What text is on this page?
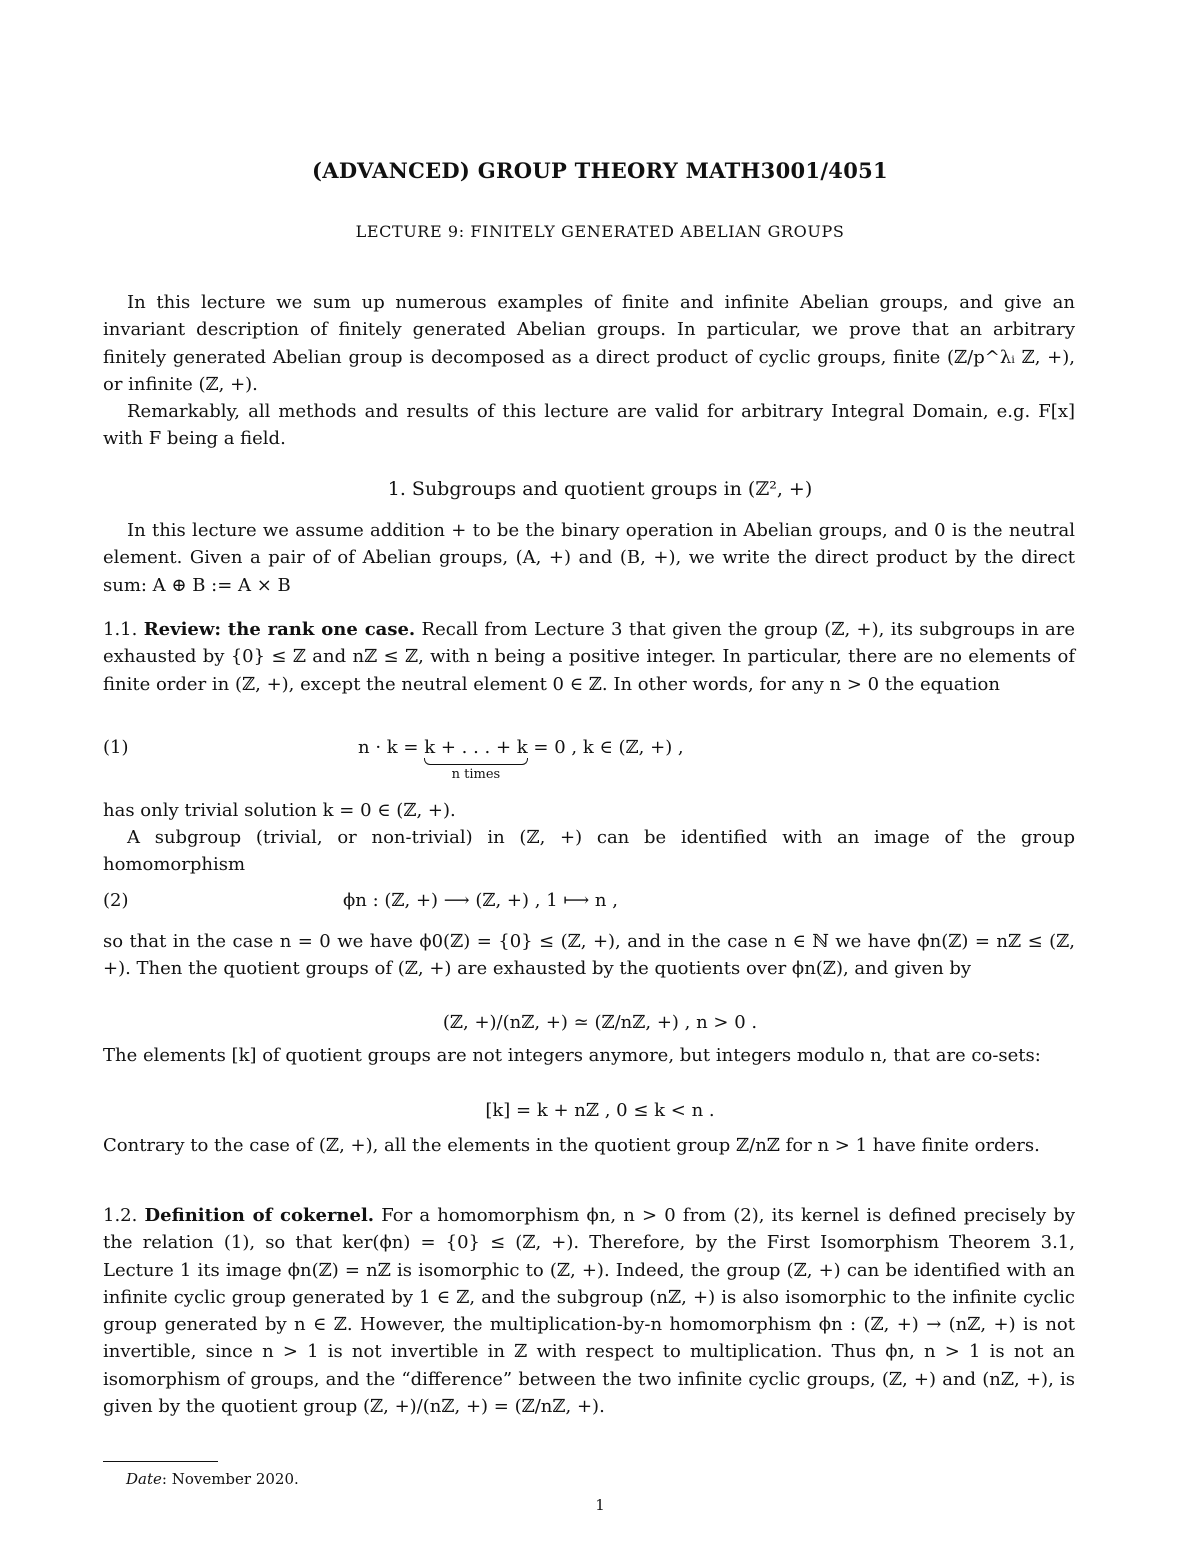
(ADVANCED) GROUP THEORY MATH3001/4051
LECTURE 9: FINITELY GENERATED ABELIAN GROUPS
In this lecture we sum up numerous examples of finite and infinite Abelian groups, and give an invariant description of finitely generated Abelian groups. In particular, we prove that an arbitrary finitely generated Abelian group is decomposed as a direct product of cyclic groups, finite (ℤ/p^λᵢ ℤ, +), or infinite (ℤ, +).
Remarkably, all methods and results of this lecture are valid for arbitrary Integral Domain, e.g. F[x] with F being a field.
1. Subgroups and quotient groups in (ℤ², +)
In this lecture we assume addition + to be the binary operation in Abelian groups, and 0 is the neutral element. Given a pair of of Abelian groups, (A, +) and (B, +), we write the direct product by the direct sum: A ⊕ B := A × B
1.1. Review: the rank one case. Recall from Lecture 3 that given the group (ℤ, +), its subgroups in are exhausted by {0} ≤ ℤ and nℤ ≤ ℤ, with n being a positive integer. In particular, there are no elements of finite order in (ℤ, +), except the neutral element 0 ∈ ℤ. In other words, for any n > 0 the equation
(1)	n · k = k + . . . + k
n times
= 0 , k ∈ (ℤ, +) ,
has only trivial solution k = 0 ∈ (ℤ, +).
A subgroup (trivial, or non-trivial) in (ℤ, +) can be identified with an image of the group homomorphism
(2)	ϕn : (ℤ, +) ⟶ (ℤ, +) , 1 ⟼ n ,
so that in the case n = 0 we have ϕ0(ℤ) = {0} ≤ (ℤ, +), and in the case n ∈ ℕ we have ϕn(ℤ) = nℤ ≤ (ℤ, +). Then the quotient groups of (ℤ, +) are exhausted by the quotients over ϕn(ℤ), and given by
(ℤ, +)/(nℤ, +) ≃ (ℤ/nℤ, +) , n > 0 .
The elements [k] of quotient groups are not integers anymore, but integers modulo n, that are co-sets:
[k] = k + nℤ , 0 ≤ k < n .
Contrary to the case of (ℤ, +), all the elements in the quotient group ℤ/nℤ for n > 1 have finite orders.
1.2. Definition of cokernel. For a homomorphism ϕn, n > 0 from (2), its kernel is defined precisely by the relation (1), so that ker(ϕn) = {0} ≤ (ℤ, +). Therefore, by the First Isomorphism Theorem 3.1, Lecture 1 its image ϕn(ℤ) = nℤ is isomorphic to (ℤ, +). Indeed, the group (ℤ, +) can be identified with an infinite cyclic group generated by 1 ∈ ℤ, and the subgroup (nℤ, +) is also isomorphic to the infinite cyclic group generated by n ∈ ℤ. However, the multiplication-by-n homomorphism ϕn : (ℤ, +) → (nℤ, +) is not invertible, since n > 1 is not invertible in ℤ with respect to multiplication. Thus ϕn, n > 1 is not an isomorphism of groups, and the “difference” between the two infinite cyclic groups, (ℤ, +) and (nℤ, +), is given by the quotient group (ℤ, +)/(nℤ, +) = (ℤ/nℤ, +).
Date: November 2020.
1
